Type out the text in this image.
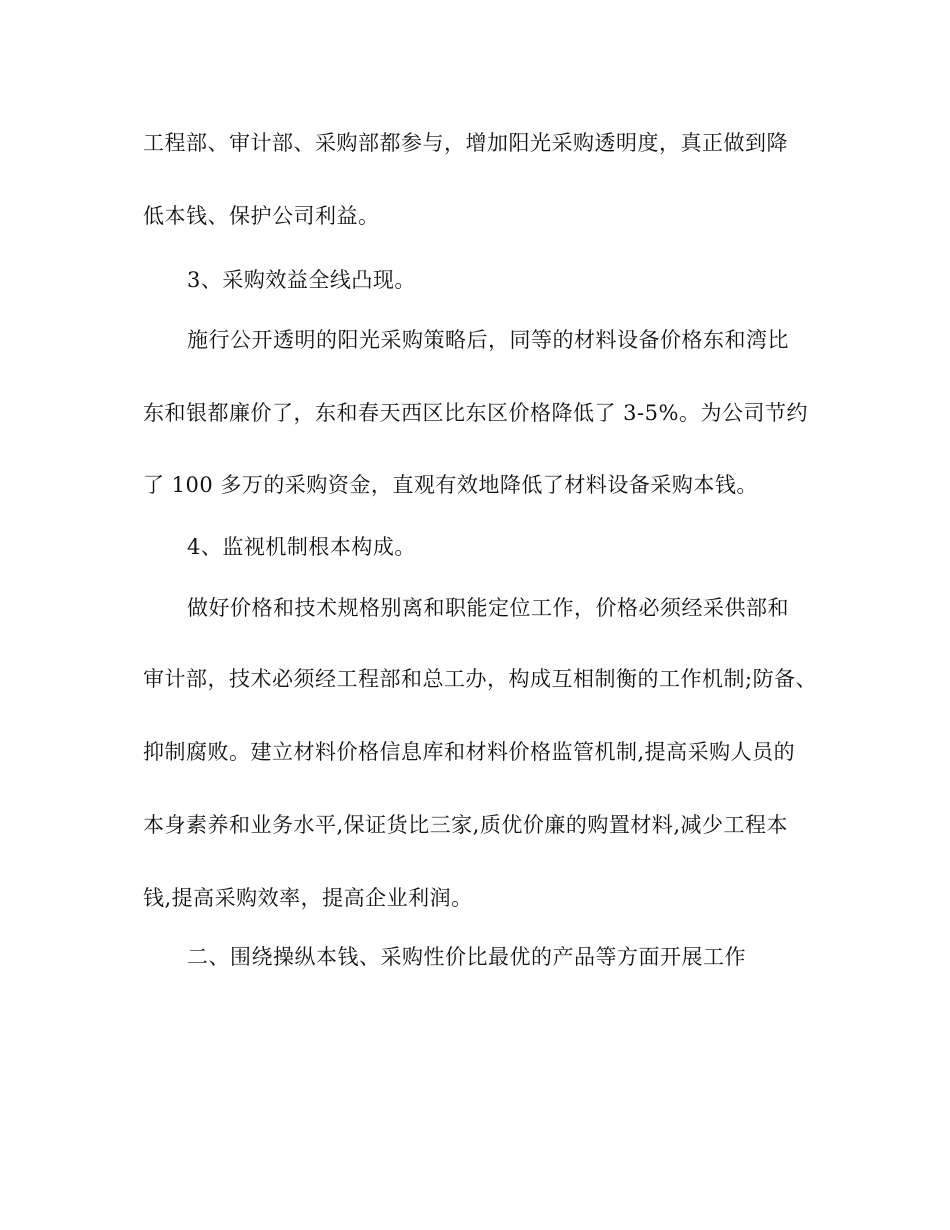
工程部、审计部、采购部都参与，增加阳光采购透明度，真正做到降
低本钱、保护公司利益。
3、采购效益全线凸现。
施行公开透明的阳光采购策略后，同等的材料设备价格东和湾比
东和银都廉价了，东和春天西区比东区价格降低了 3-5%。为公司节约
了 100 多万的采购资金，直观有效地降低了材料设备采购本钱。
4、监视机制根本构成。
做好价格和技术规格别离和职能定位工作，价格必须经采供部和
审计部，技术必须经工程部和总工办，构成互相制衡的工作机制;防备、
抑制腐败。建立材料价格信息库和材料价格监管机制,提高采购人员的
本身素养和业务水平,保证货比三家,质优价廉的购置材料,减少工程本
钱,提高采购效率，提高企业利润。
二、围绕操纵本钱、采购性价比最优的产品等方面开展工作
